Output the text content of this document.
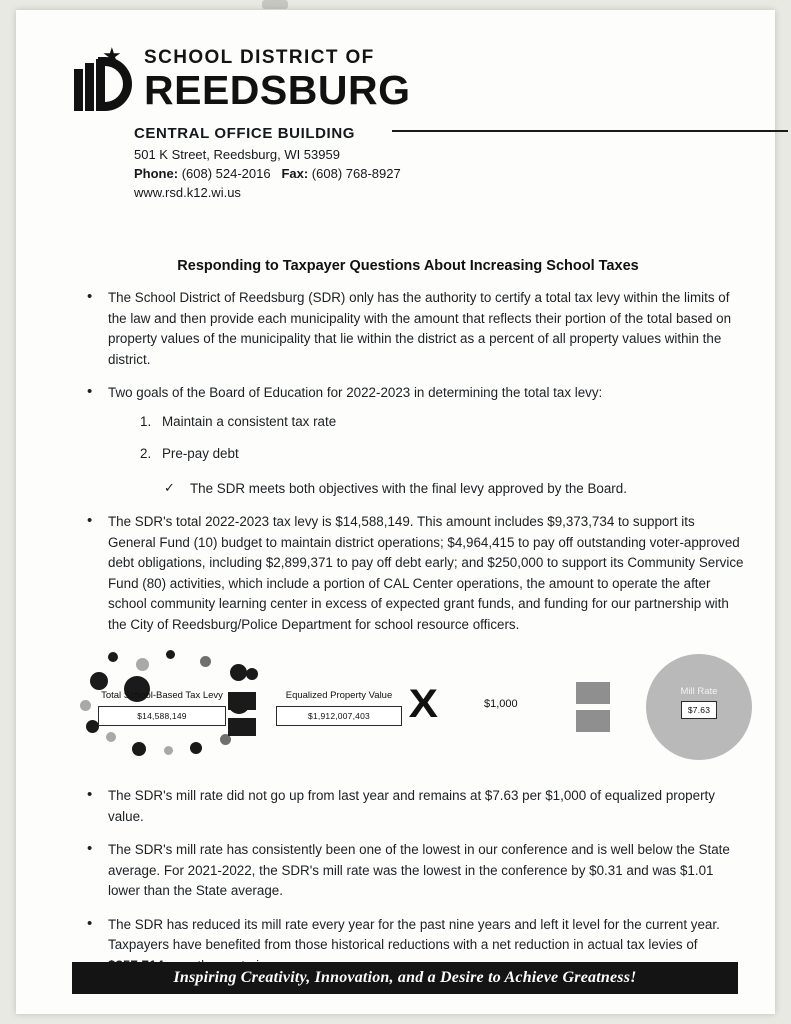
★ SCHOOL DISTRICT OF
REEDSBURG
CENTRAL OFFICE BUILDING
501 K Street, Reedsburg, WI 53959
Phone: (608) 524-2016 Fax: (608) 768-8927
www.rsd.k12.wi.us
Responding to Taxpayer Questions About Increasing School Taxes
• The School District of Reedsburg (SDR) only has the authority to certify a total tax levy within the limits of the law and then provide each municipality with the amount that reflects their portion of the total based on property values of the municipality that lie within the district as a percent of all property values within the district.
• Two goals of the Board of Education for 2022-2023 in determining the total tax levy:
Maintain a consistent tax rate
Pre-pay debt
✓ The SDR meets both objectives with the final levy approved by the Board.
• The SDR's total 2022-2023 tax levy is $14,588,149. This amount includes $9,373,734 to support its General Fund (10) budget to maintain district operations; $4,964,415 to pay off outstanding voter-approved debt obligations, including $2,899,371 to pay off debt early; and $250,000 to support its Community Service Fund (80) activities, which include a portion of CAL Center operations, the amount to operate the after school community learning center in excess of expected grant funds, and funding for our partnership with the City of Reedsburg/Police Department for school resource officers.
Total School-Based Tax Levy
$14,588,149
Equalized Property Value
$1,912,007,403 X	$1,000
Mill Rate
$7.63
• The SDR's mill rate did not go up from last year and remains at $7.63 per $1,000 of equalized property value.
• The SDR's mill rate has consistently been one of the lowest in our conference and is well below the State average. For 2021-2022, the SDR's mill rate was the lowest in the conference by $0.31 and was $1.01 lower than the State average.
• The SDR has reduced its mill rate every year for the past nine years and left it level for the current year. Taxpayers have benefited from those historical reductions with a net reduction in actual tax levies of
Inspiring Creativity, Innovation, and a Desire to Achieve Greatness!
